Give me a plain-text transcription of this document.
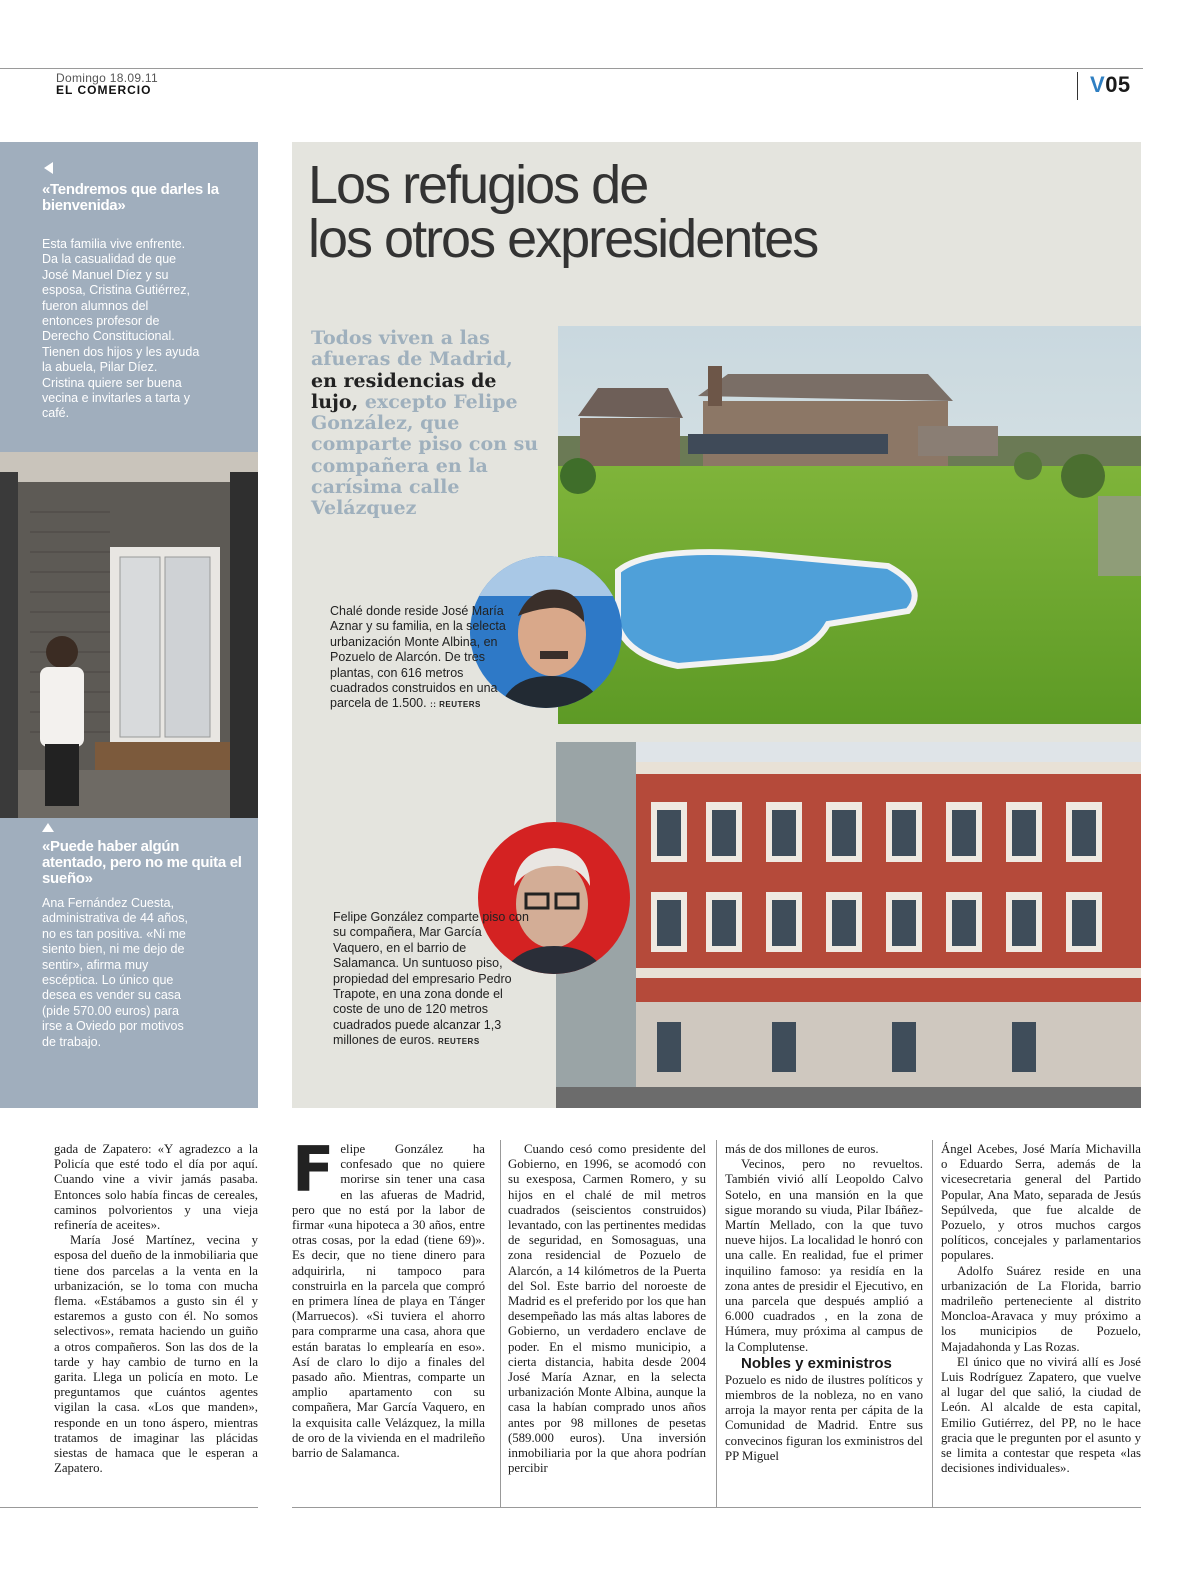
Domingo 18.09.11
EL COMERCIO	V05
«Tendremos que darles la bienvenida»
Esta familia vive enfrente. Da la casualidad de que José Manuel Díez y su esposa, Cristina Gutiérrez, fueron alumnos del entonces profesor de Derecho Constitucional. Tienen dos hijos y les ayuda la abuela, Pilar Díez. Cristina quiere ser buena vecina e invitarles a tarta y café.
«Puede haber algún atentado, pero no me quita el sueño»
Ana Fernández Cuesta, administrativa de 44 años, no es tan positiva. «Ni me siento bien, ni me dejo de sentir», afirma muy escéptica. Lo único que desea es vender su casa (pide 570.00 euros) para irse a Oviedo por motivos de trabajo.
Los refugios de
los otros expresidentes
Todos viven a las afueras de Madrid, en residencias de lujo, excepto Felipe González, que comparte piso con su compañera en la carísima calle Velázquez
Chalé donde reside José María Aznar y su familia, en la selecta urbanización Monte Albina, en Pozuelo de Alarcón. De tres plantas, con 616 metros cuadrados construidos en una parcela de 1.500. :: REUTERS
Felipe González comparte piso con su compañera, Mar García Vaquero, en el barrio de Salamanca. Un suntuoso piso, propiedad del empresario Pedro Trapote, en una zona donde el coste de uno de 120 metros cuadrados puede alcanzar 1,3 millones de euros. REUTERS

gada de Zapatero: «Y agradezco a la Policía que esté todo el día por aquí. Cuando vine a vivir jamás pasaba. Entonces solo había fincas de cereales, caminos polvorientos y una vieja refinería de aceites».

María José Martínez, vecina y esposa del dueño de la inmobiliaria que tiene dos parcelas a la venta en la urbanización, se lo toma con mucha flema. «Estábamos a gusto sin él y estaremos a gusto con él. No somos selectivos», remata haciendo un guiño a otros compañeros. Son las dos de la tarde y hay cambio de turno en la garita. Llega un policía en moto. Le preguntamos que cuántos agentes vigilan la casa. «Los que manden», responde en un tono áspero, mientras tratamos de imaginar las plácidas siestas de hamaca que le esperan a Zapatero.

Felipe González ha confesado que no quiere morirse sin tener una casa en las afueras de Madrid, pero que no está por la labor de firmar «una hipoteca a 30 años, entre otras cosas, por la edad (tiene 69)». Es decir, que no tiene dinero para adquirirla, ni tampoco para construirla en la parcela que compró en primera línea de playa en Tánger (Marruecos). «Si tuviera el ahorro para comprarme una casa, ahora que están baratas lo emplearía en eso». Así de claro lo dijo a finales del pasado año. Mientras, comparte un amplio apartamento con su compañera, Mar García Vaquero, en la exquisita calle Velázquez, la milla de oro de la vivienda en el madrileño barrio de Salamanca.

Cuando cesó como presidente del Gobierno, en 1996, se acomodó con su exesposa, Carmen Romero, y su hijos en el chalé de mil metros cuadrados (seiscientos construidos) levantado, con las pertinentes medidas de seguridad, en Somosaguas, una zona residencial de Pozuelo de Alarcón, a 14 kilómetros de la Puerta del Sol. Este barrio del noroeste de Madrid es el preferido por los que han desempeñado las más altas labores de Gobierno, un verdadero enclave de poder. En el mismo municipio, a cierta distancia, habita desde 2004 José María Aznar, en la selecta urbanización Monte Albina, aunque la casa la habían comprado unos años antes por 98 millones de pesetas (589.000 euros). Una inversión inmobiliaria por la que ahora podrían percibir

más de dos millones de euros.

Vecinos, pero no revueltos. También vivió allí Leopoldo Calvo Sotelo, en una mansión en la que sigue morando su viuda, Pilar Ibáñez-Martín Mellado, con la que tuvo nueve hijos. La localidad le honró con una calle. En realidad, fue el primer inquilino famoso: ya residía en la zona antes de presidir el Ejecutivo, en una parcela que después amplió a 6.000 cuadrados , en la zona de Húmera, muy próxima al campus de la Complutense.

Nobles y exministros

Pozuelo es nido de ilustres políticos y miembros de la nobleza, no en vano arroja la mayor renta per cápita de la Comunidad de Madrid. Entre sus convecinos figuran los exministros del PP Miguel

Ángel Acebes, José María Michavilla o Eduardo Serra, además de la vicesecretaria general del Partido Popular, Ana Mato, separada de Jesús Sepúlveda, que fue alcalde de Pozuelo, y otros muchos cargos políticos, concejales y parlamentarios populares.

Adolfo Suárez reside en una urbanización de La Florida, barrio madrileño perteneciente al distrito Moncloa-Aravaca y muy próximo a los municipios de Pozuelo, Majadahonda y Las Rozas.

El único que no vivirá allí es José Luis Rodríguez Zapatero, que vuelve al lugar del que salió, la ciudad de León. Al alcalde de esta capital, Emilio Gutiérrez, del PP, no le hace gracia que le pregunten por el asunto y se limita a contestar que respeta «las decisiones individuales».
